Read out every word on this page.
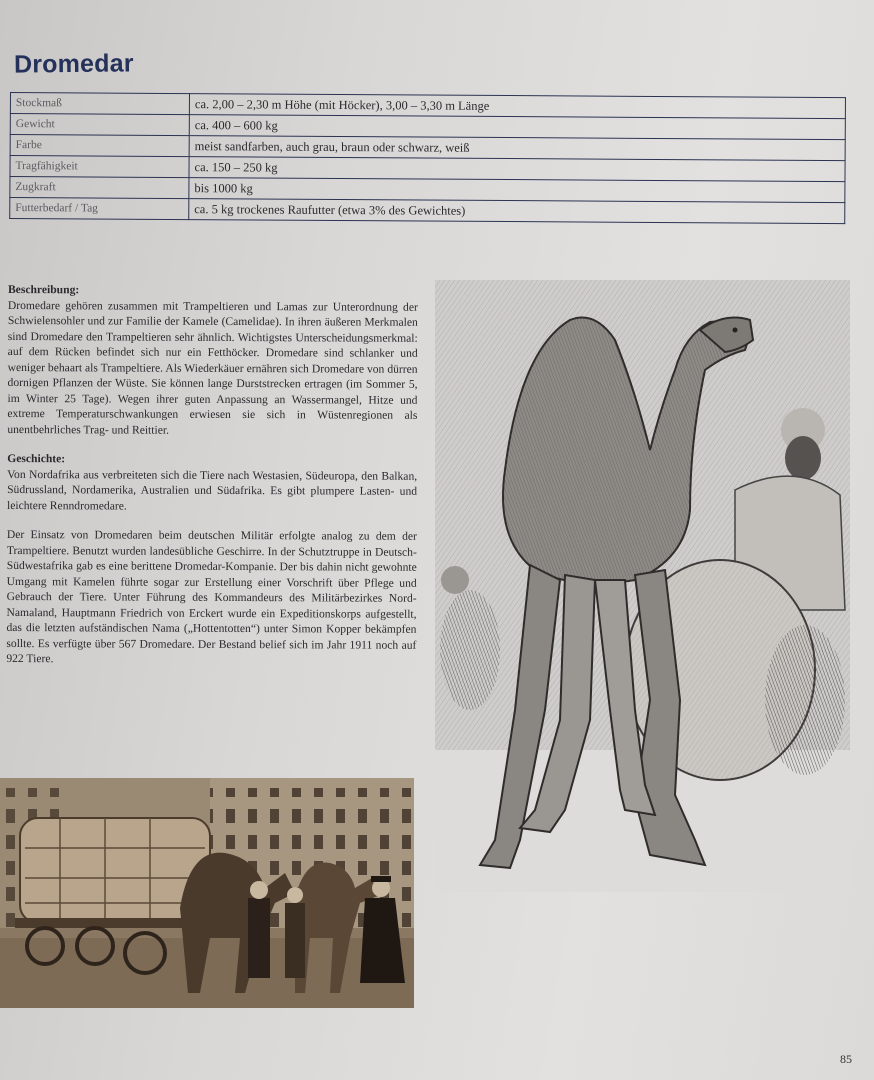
Dromedar
Stockmaß	ca. 2,00 – 2,30 m Höhe (mit Höcker), 3,00 – 3,30 m Länge
Gewicht	ca. 400 – 600 kg
Farbe	meist sandfarben, auch grau, braun oder schwarz, weiß
Tragfähigkeit	ca. 150 – 250 kg
Zugkraft	bis 1000 kg
Futterbedarf / Tag	ca. 5 kg trockenes Raufutter (etwa 3% des Gewichtes)
Beschreibung:

Dromedare gehören zusammen mit Trampeltieren und Lamas zur Unterordnung der Schwielensohler und zur Familie der Kamele (Camelidae). In ihren äußeren Merkmalen sind Dromedare den Trampeltieren sehr ähnlich. Wichtigstes Unterscheidungsmerkmal: auf dem Rücken befindet sich nur ein Fetthöcker. Dromedare sind schlanker und weniger behaart als Trampeltiere. Als Wiederkäuer ernähren sich Dromedare von dürren dornigen Pflanzen der Wüste. Sie können lange Durststrecken ertragen (im Sommer 5, im Winter 25 Tage). Wegen ihrer guten Anpassung an Wassermangel, Hitze und extreme Temperaturschwankungen erwiesen sie sich in Wüstenregionen als unentbehrliches Trag- und Reittier.

Geschichte:

Von Nordafrika aus verbreiteten sich die Tiere nach Westasien, Südeuropa, den Balkan, Südrussland, Nordamerika, Australien und Südafrika. Es gibt plumpere Lasten- und leichtere Renndromedare.

Der Einsatz von Dromedaren beim deutschen Militär erfolgte analog zu dem der Trampeltiere. Benutzt wurden landesübliche Geschirre. In der Schutztruppe in Deutsch-Südwestafrika gab es eine berittene Dromedar-Kompanie. Der bis dahin nicht gewohnte Umgang mit Kamelen führte sogar zur Erstellung einer Vorschrift über Pflege und Gebrauch der Tiere. Unter Führung des Kommandeurs des Militärbezirkes Nord-Namaland, Hauptmann Friedrich von Erckert wurde ein Expeditionskorps aufgestellt, das die letzten aufständischen Nama („Hottentotten“) unter Simon Kopper bekämpfen sollte. Es verfügte über 567 Dromedare. Der Bestand belief sich im Jahr 1911 noch auf 922 Tiere.

85
